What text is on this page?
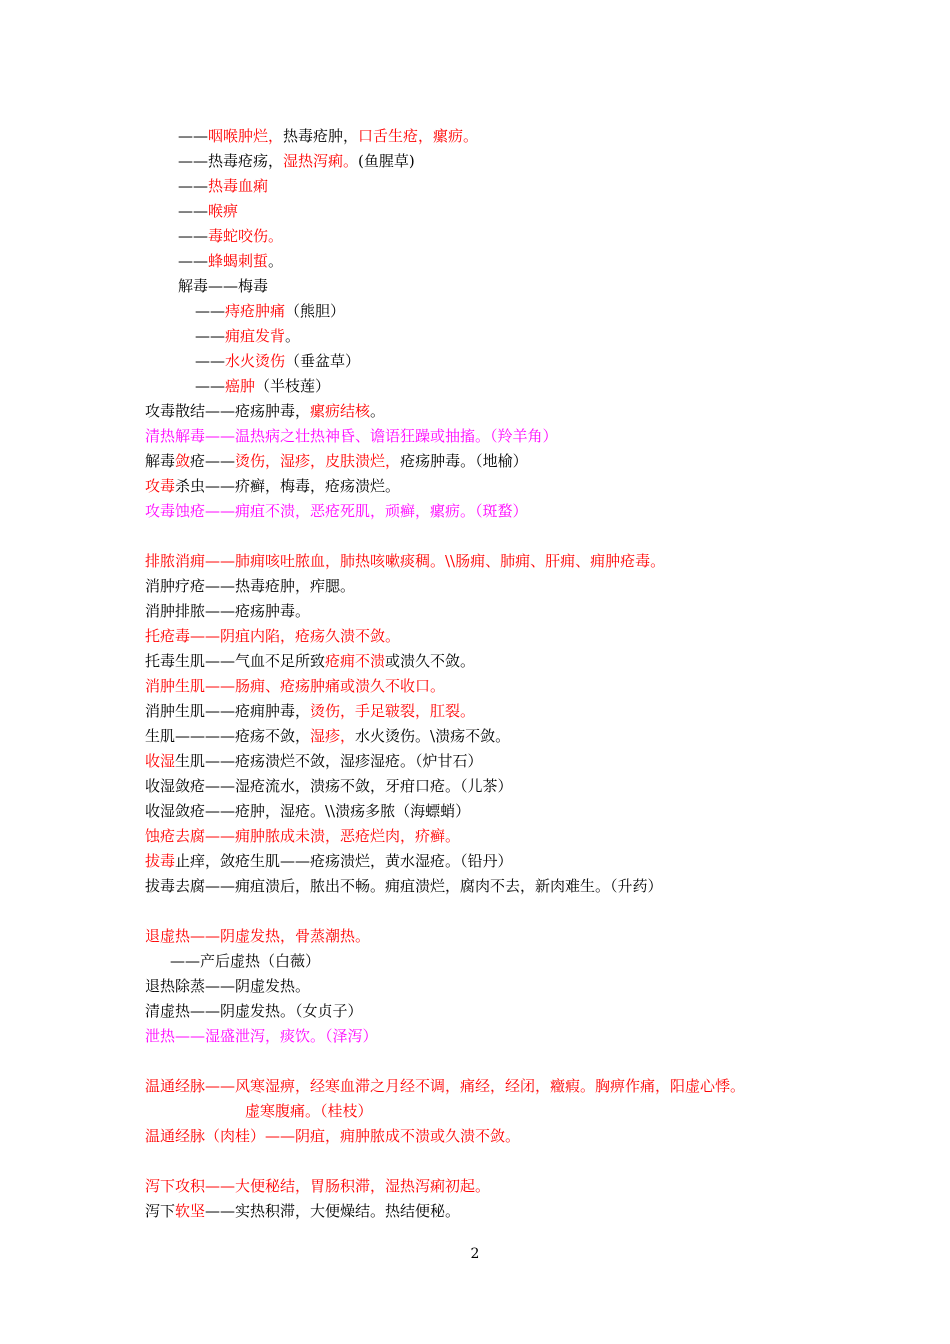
——咽喉肿烂，热毒疮肿，口舌生疮，瘰疬。
——热毒疮疡，湿热泻痢。(鱼腥草)
——热毒血痢
——喉痹
——毒蛇咬伤。
——蜂蝎刺蜇。
解毒——梅毒
——痔疮肿痛（熊胆）
——痈疽发背。
——水火烫伤（垂盆草）
——癌肿（半枝莲）
攻毒散结——疮疡肿毒，瘰疬结核。
清热解毒——温热病之壮热神昏、谵语狂躁或抽搐。（羚羊角）
解毒敛疮——烫伤，湿疹，皮肤溃烂，疮疡肿毒。（地榆）
攻毒杀虫——疥癣，梅毒，疮疡溃烂。
攻毒蚀疮——痈疽不溃，恶疮死肌，顽癣，瘰疬。（斑蝥）
排脓消痈——肺痈咳吐脓血，肺热咳嗽痰稠。\\肠痈、肺痈、肝痈、痈肿疮毒。
消肿疗疮——热毒疮肿，痄腮。
消肿排脓——疮疡肿毒。
托疮毒——阴疽内陷，疮疡久溃不敛。
托毒生肌——气血不足所致疮痈不溃或溃久不敛。
消肿生肌——肠痈、疮疡肿痛或溃久不收口。
消肿生肌——疮痈肿毒，烫伤，手足皲裂，肛裂。
生肌————疮疡不敛，湿疹，水火烫伤。\溃疡不敛。
收湿生肌——疮疡溃烂不敛，湿疹湿疮。（炉甘石）
收湿敛疮——湿疮流水，溃疡不敛，牙疳口疮。（儿茶）
收湿敛疮——疮肿，湿疮。\\溃疡多脓（海螵蛸）
蚀疮去腐——痈肿脓成未溃，恶疮烂肉，疥癣。
拔毒止痒，敛疮生肌——疮疡溃烂，黄水湿疮。（铅丹）
拔毒去腐——痈疽溃后，脓出不畅。痈疽溃烂，腐肉不去，新肉难生。（升药）
退虚热——阴虚发热，骨蒸潮热。
——产后虚热（白薇）
退热除蒸——阴虚发热。
清虚热——阴虚发热。（女贞子）
泄热——湿盛泄泻，痰饮。（泽泻）
温通经脉——风寒湿痹，经寒血滞之月经不调，痛经，经闭，癥瘕。胸痹作痛，阳虚心悸。
虚寒腹痛。（桂枝）
温通经脉（肉桂）——阴疽，痈肿脓成不溃或久溃不敛。
泻下攻积——大便秘结，胃肠积滞，湿热泻痢初起。
泻下软坚——实热积滞，大便燥结。热结便秘。
2
